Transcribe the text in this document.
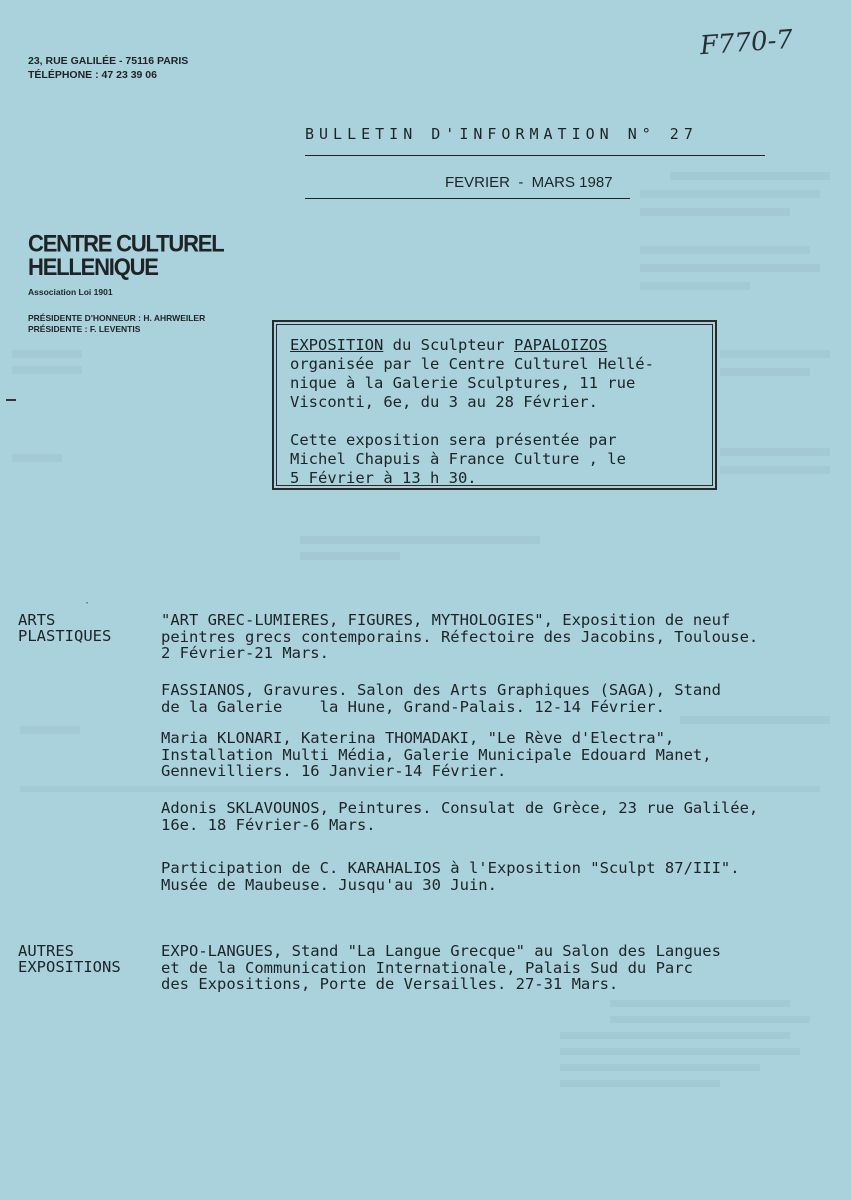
23, RUE GALILÉE - 75116 PARIS
TÉLÉPHONE : 47 23 39 06
F770-7
BULLETIN D'INFORMATION N° 27
FEVRIER  -  MARS 1987
CENTRE CULTUREL
HELLENIQUE
Association Loi 1901
PRÉSIDENTE D'HONNEUR : H. AHRWEILER
PRÉSIDENTE : F. LEVENTIS
EXPOSITION du Sculpteur PAPALOIZOS
organisée par le Centre Culturel Hellé-
nique à la Galerie Sculptures, 11 rue
Visconti, 6e, du 3 au 28 Février.

Cette exposition sera présentée par
Michel Chapuis à France Culture , le
5 Février à 13 h 30.
·
ARTS
PLASTIQUES
"ART GREC-LUMIERES, FIGURES, MYTHOLOGIES", Exposition de neuf
peintres grecs contemporains. Réfectoire des Jacobins, Toulouse.
2 Février-21 Mars.
FASSIANOS, Gravures. Salon des Arts Graphiques (SAGA), Stand
de la Galerie    la Hune, Grand-Palais. 12-14 Février.
Maria KLONARI, Katerina THOMADAKI, "Le Rève d'Electra",
Installation Multi Média, Galerie Municipale Edouard Manet,
Gennevilliers. 16 Janvier-14 Février.
Adonis SKLAVOUNOS, Peintures. Consulat de Grèce, 23 rue Galilée,
16e. 18 Février-6 Mars.
Participation de C. KARAHALIOS à l'Exposition "Sculpt 87/III".
Musée de Maubeuse. Jusqu'au 30 Juin.
AUTRES
EXPOSITIONS
EXPO-LANGUES, Stand "La Langue Grecque" au Salon des Langues
et de la Communication Internationale, Palais Sud du Parc
des Expositions, Porte de Versailles. 27-31 Mars.
